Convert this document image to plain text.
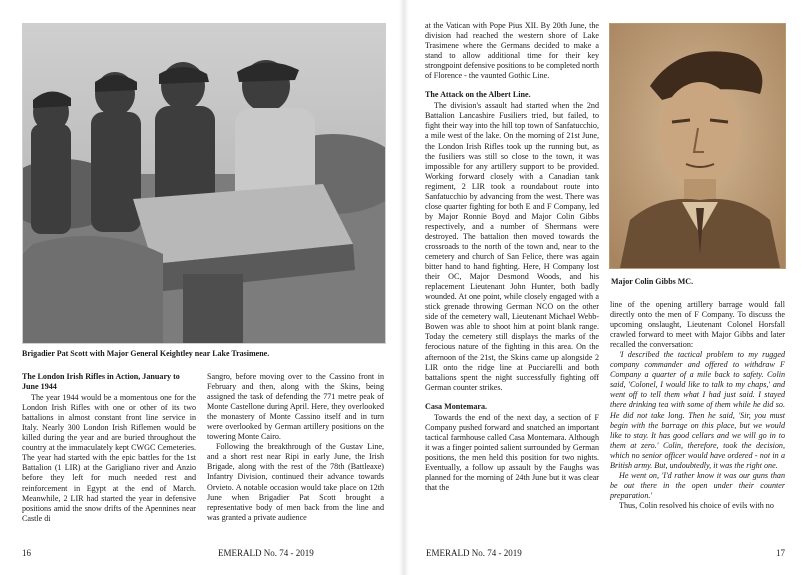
Brigadier Pat Scott with Major General Keightley near Lake Trasimene.
The London Irish Rifles in Action, January to June 1944

The year 1944 would be a momentous one for the London Irish Rifles with one or other of its two battalions in almost constant front line service in Italy. Nearly 300 London Irish Riflemen would be killed during the year and are buried throughout the country at the immaculately kept CWGC Cemeteries. The year had started with the epic battles for the 1st Battalion (1 LIR) at the Garigliano river and Anzio before they left for much needed rest and reinforcement in Egypt at the end of March. Meanwhile, 2 LIR had started the year in defensive positions amid the snow drifts of the Apennines near Castle di

Sangro, before moving over to the Cassino front in February and then, along with the Skins, being assigned the task of defending the 771 metre peak of Monte Castellone during April. Here, they overlooked the monastery of Monte Cassino itself and in turn were overlooked by German artillery positions on the towering Monte Cairo.

Following the breakthrough of the Gustav Line, and a short rest near Ripi in early June, the Irish Brigade, along with the rest of the 78th (Battleaxe) Infantry Division, continued their advance towards Orvieto. A notable occasion would take place on 12th June when Brigadier Pat Scott brought a representative body of men back from the line and was granted a private audience

16	EMERALD No. 74 - 2019

at the Vatican with Pope Pius XII. By 20th June, the division had reached the western shore of Lake Trasimene where the Germans decided to make a stand to allow additional time for their key strongpoint defensive positions to be completed north of Florence - the vaunted Gothic Line.

The Attack on the Albert Line.

The division's assault had started when the 2nd Battalion Lancashire Fusiliers tried, but failed, to fight their way into the hill top town of Sanfatucchio, a mile west of the lake. On the morning of 21st June, the London Irish Rifles took up the running but, as the fusiliers was still so close to the town, it was impossible for any artillery support to be provided. Working forward closely with a Canadian tank regiment, 2 LIR took a roundabout route into Sanfatucchio by advancing from the west. There was close quarter fighting for both E and F Company, led by Major Ronnie Boyd and Major Colin Gibbs respectively, and a number of Shermans were destroyed. The battalion then moved towards the crossroads to the north of the town and, near to the cemetery and church of San Felice, there was again bitter hand to hand fighting. Here, H Company lost their OC, Major Desmond Woods, and his replacement Lieutenant John Hunter, both badly wounded. At one point, while closely engaged with a stick grenade throwing German NCO on the other side of the cemetery wall, Lieutenant Michael Webb-Bowen was able to shoot him at point blank range. Today the cemetery still displays the marks of the ferocious nature of the fighting in this area. On the afternoon of the 21st, the Skins came up alongside 2 LIR onto the ridge line at Pucciarelli and both battalions spent the night successfully fighting off German counter strikes.

Casa Montemara.

Towards the end of the next day, a section of F Company pushed forward and snatched an important tactical farmhouse called Casa Montemara. Although it was a finger pointed salient surrounded by German positions, the men held this position for two nights. Eventually, a follow up assault by the Faughs was planned for the morning of 24th June but it was clear that the

Major Colin Gibbs MC.

line of the opening artillery barrage would fall directly onto the men of F Company. To discuss the upcoming onslaught, Lieutenant Colonel Horsfall crawled forward to meet with Major Gibbs and later recalled the conversation:

'I described the tactical problem to my rugged company commander and offered to withdraw F Company a quarter of a mile back to safety. Colin said, 'Colonel, I would like to talk to my chaps,' and went off to tell them what I had just said. I stayed there drinking tea with some of them while he did so. He did not take long. Then he said, 'Sir, you must begin with the barrage on this place, but we would like to stay. It has good cellars and we will go in to them at zero.' Colin, therefore, took the decision, which no senior officer would have ordered - not in a British army. But, undoubtedly, it was the right one.

He went on, 'I'd rather know it was our guns than be out there in the open under their counter preparation.'

Thus, Colin resolved his choice of evils with no

EMERALD No. 74 - 2019	17
